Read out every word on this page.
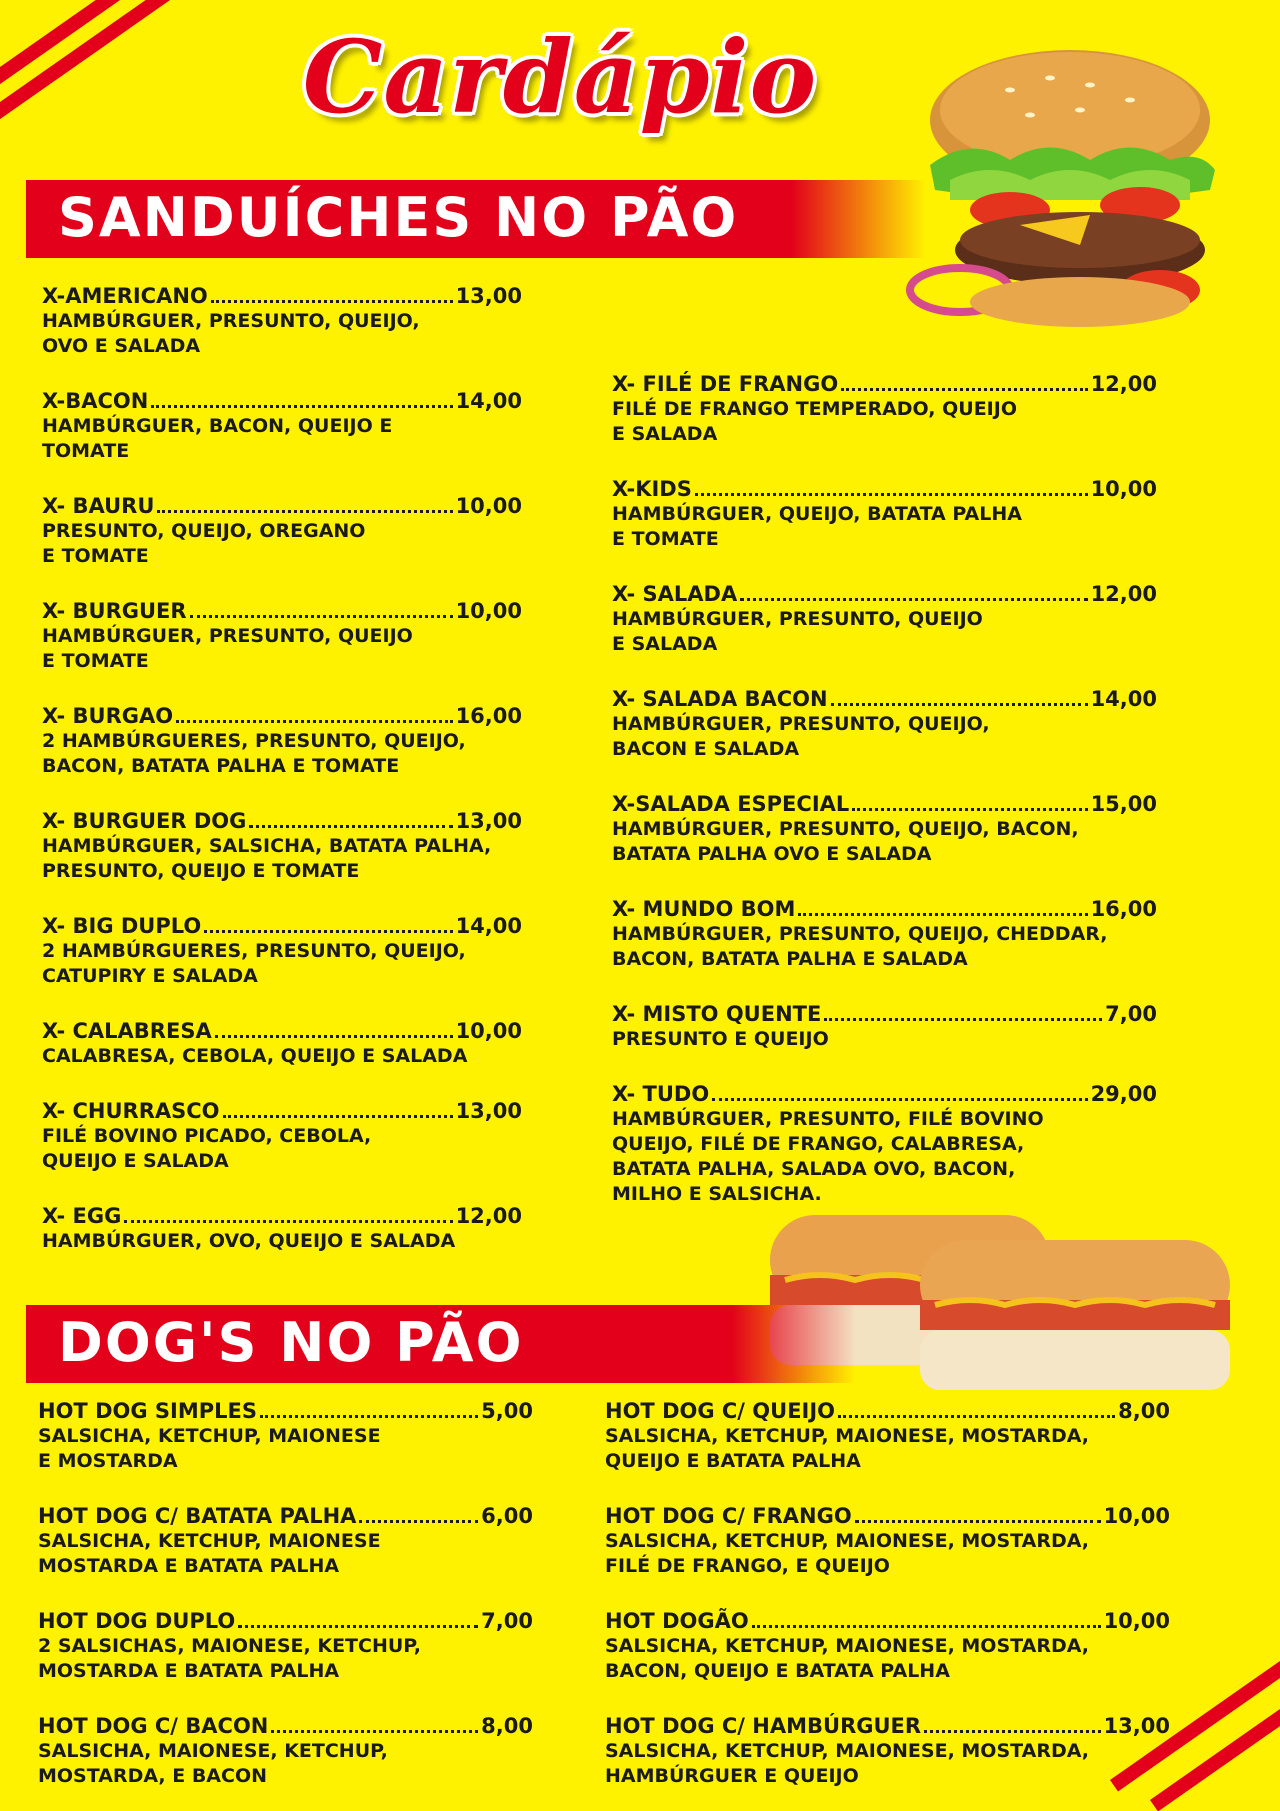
Cardápio
SANDUÍCHES NO PÃO
X-AMERICANO	13,00
HAMBÚRGUER, PRESUNTO, QUEIJO,
OVO E SALADA
X-BACON	14,00
HAMBÚRGUER, BACON, QUEIJO E
TOMATE
X- BAURU	10,00
PRESUNTO, QUEIJO, OREGANO
E TOMATE
X- BURGUER	10,00
HAMBÚRGUER, PRESUNTO, QUEIJO
E TOMATE
X- BURGAO	16,00
2 HAMBÚRGUERES, PRESUNTO, QUEIJO,
BACON, BATATA PALHA E TOMATE
X- BURGUER DOG	13,00
HAMBÚRGUER, SALSICHA, BATATA PALHA,
PRESUNTO, QUEIJO E TOMATE
X- BIG DUPLO	14,00
2 HAMBÚRGUERES, PRESUNTO, QUEIJO,
CATUPIRY E SALADA
X- CALABRESA	10,00
CALABRESA, CEBOLA, QUEIJO E SALADA
X- CHURRASCO	13,00
FILÉ BOVINO PICADO, CEBOLA,
QUEIJO E SALADA
X- EGG	12,00
HAMBÚRGUER, OVO, QUEIJO E SALADA
X- FILÉ DE FRANGO	12,00
FILÉ DE FRANGO TEMPERADO, QUEIJO
E SALADA
X-KIDS	10,00
HAMBÚRGUER, QUEIJO, BATATA PALHA
E TOMATE
X- SALADA	12,00
HAMBÚRGUER, PRESUNTO, QUEIJO
E SALADA
X- SALADA BACON	14,00
HAMBÚRGUER, PRESUNTO, QUEIJO,
BACON E SALADA
X-SALADA ESPECIAL	15,00
HAMBÚRGUER, PRESUNTO, QUEIJO, BACON,
BATATA PALHA OVO E SALADA
X- MUNDO BOM	16,00
HAMBÚRGUER, PRESUNTO, QUEIJO, CHEDDAR,
BACON, BATATA PALHA E SALADA
X- MISTO QUENTE	7,00
PRESUNTO E QUEIJO
X- TUDO	29,00
HAMBÚRGUER, PRESUNTO, FILÉ BOVINO
QUEIJO, FILÉ DE FRANGO, CALABRESA,
BATATA PALHA, SALADA OVO, BACON,
MILHO E SALSICHA.
DOG'S NO PÃO
HOT DOG SIMPLES	5,00
SALSICHA, KETCHUP, MAIONESE
E MOSTARDA
HOT DOG C/ BATATA PALHA	6,00
SALSICHA, KETCHUP, MAIONESE
MOSTARDA E BATATA PALHA
HOT DOG DUPLO	7,00
2 SALSICHAS, MAIONESE, KETCHUP,
MOSTARDA E BATATA PALHA
HOT DOG C/ BACON	8,00
SALSICHA, MAIONESE, KETCHUP,
MOSTARDA, E BACON
HOT DOG C/ QUEIJO	8,00
SALSICHA, KETCHUP, MAIONESE, MOSTARDA,
QUEIJO E BATATA PALHA
HOT DOG C/ FRANGO	10,00
SALSICHA, KETCHUP, MAIONESE, MOSTARDA,
FILÉ DE FRANGO, E QUEIJO
HOT DOGÃO	10,00
SALSICHA, KETCHUP, MAIONESE, MOSTARDA,
BACON, QUEIJO E BATATA PALHA
HOT DOG C/ HAMBÚRGUER	13,00
SALSICHA, KETCHUP, MAIONESE, MOSTARDA,
HAMBÚRGUER E QUEIJO
